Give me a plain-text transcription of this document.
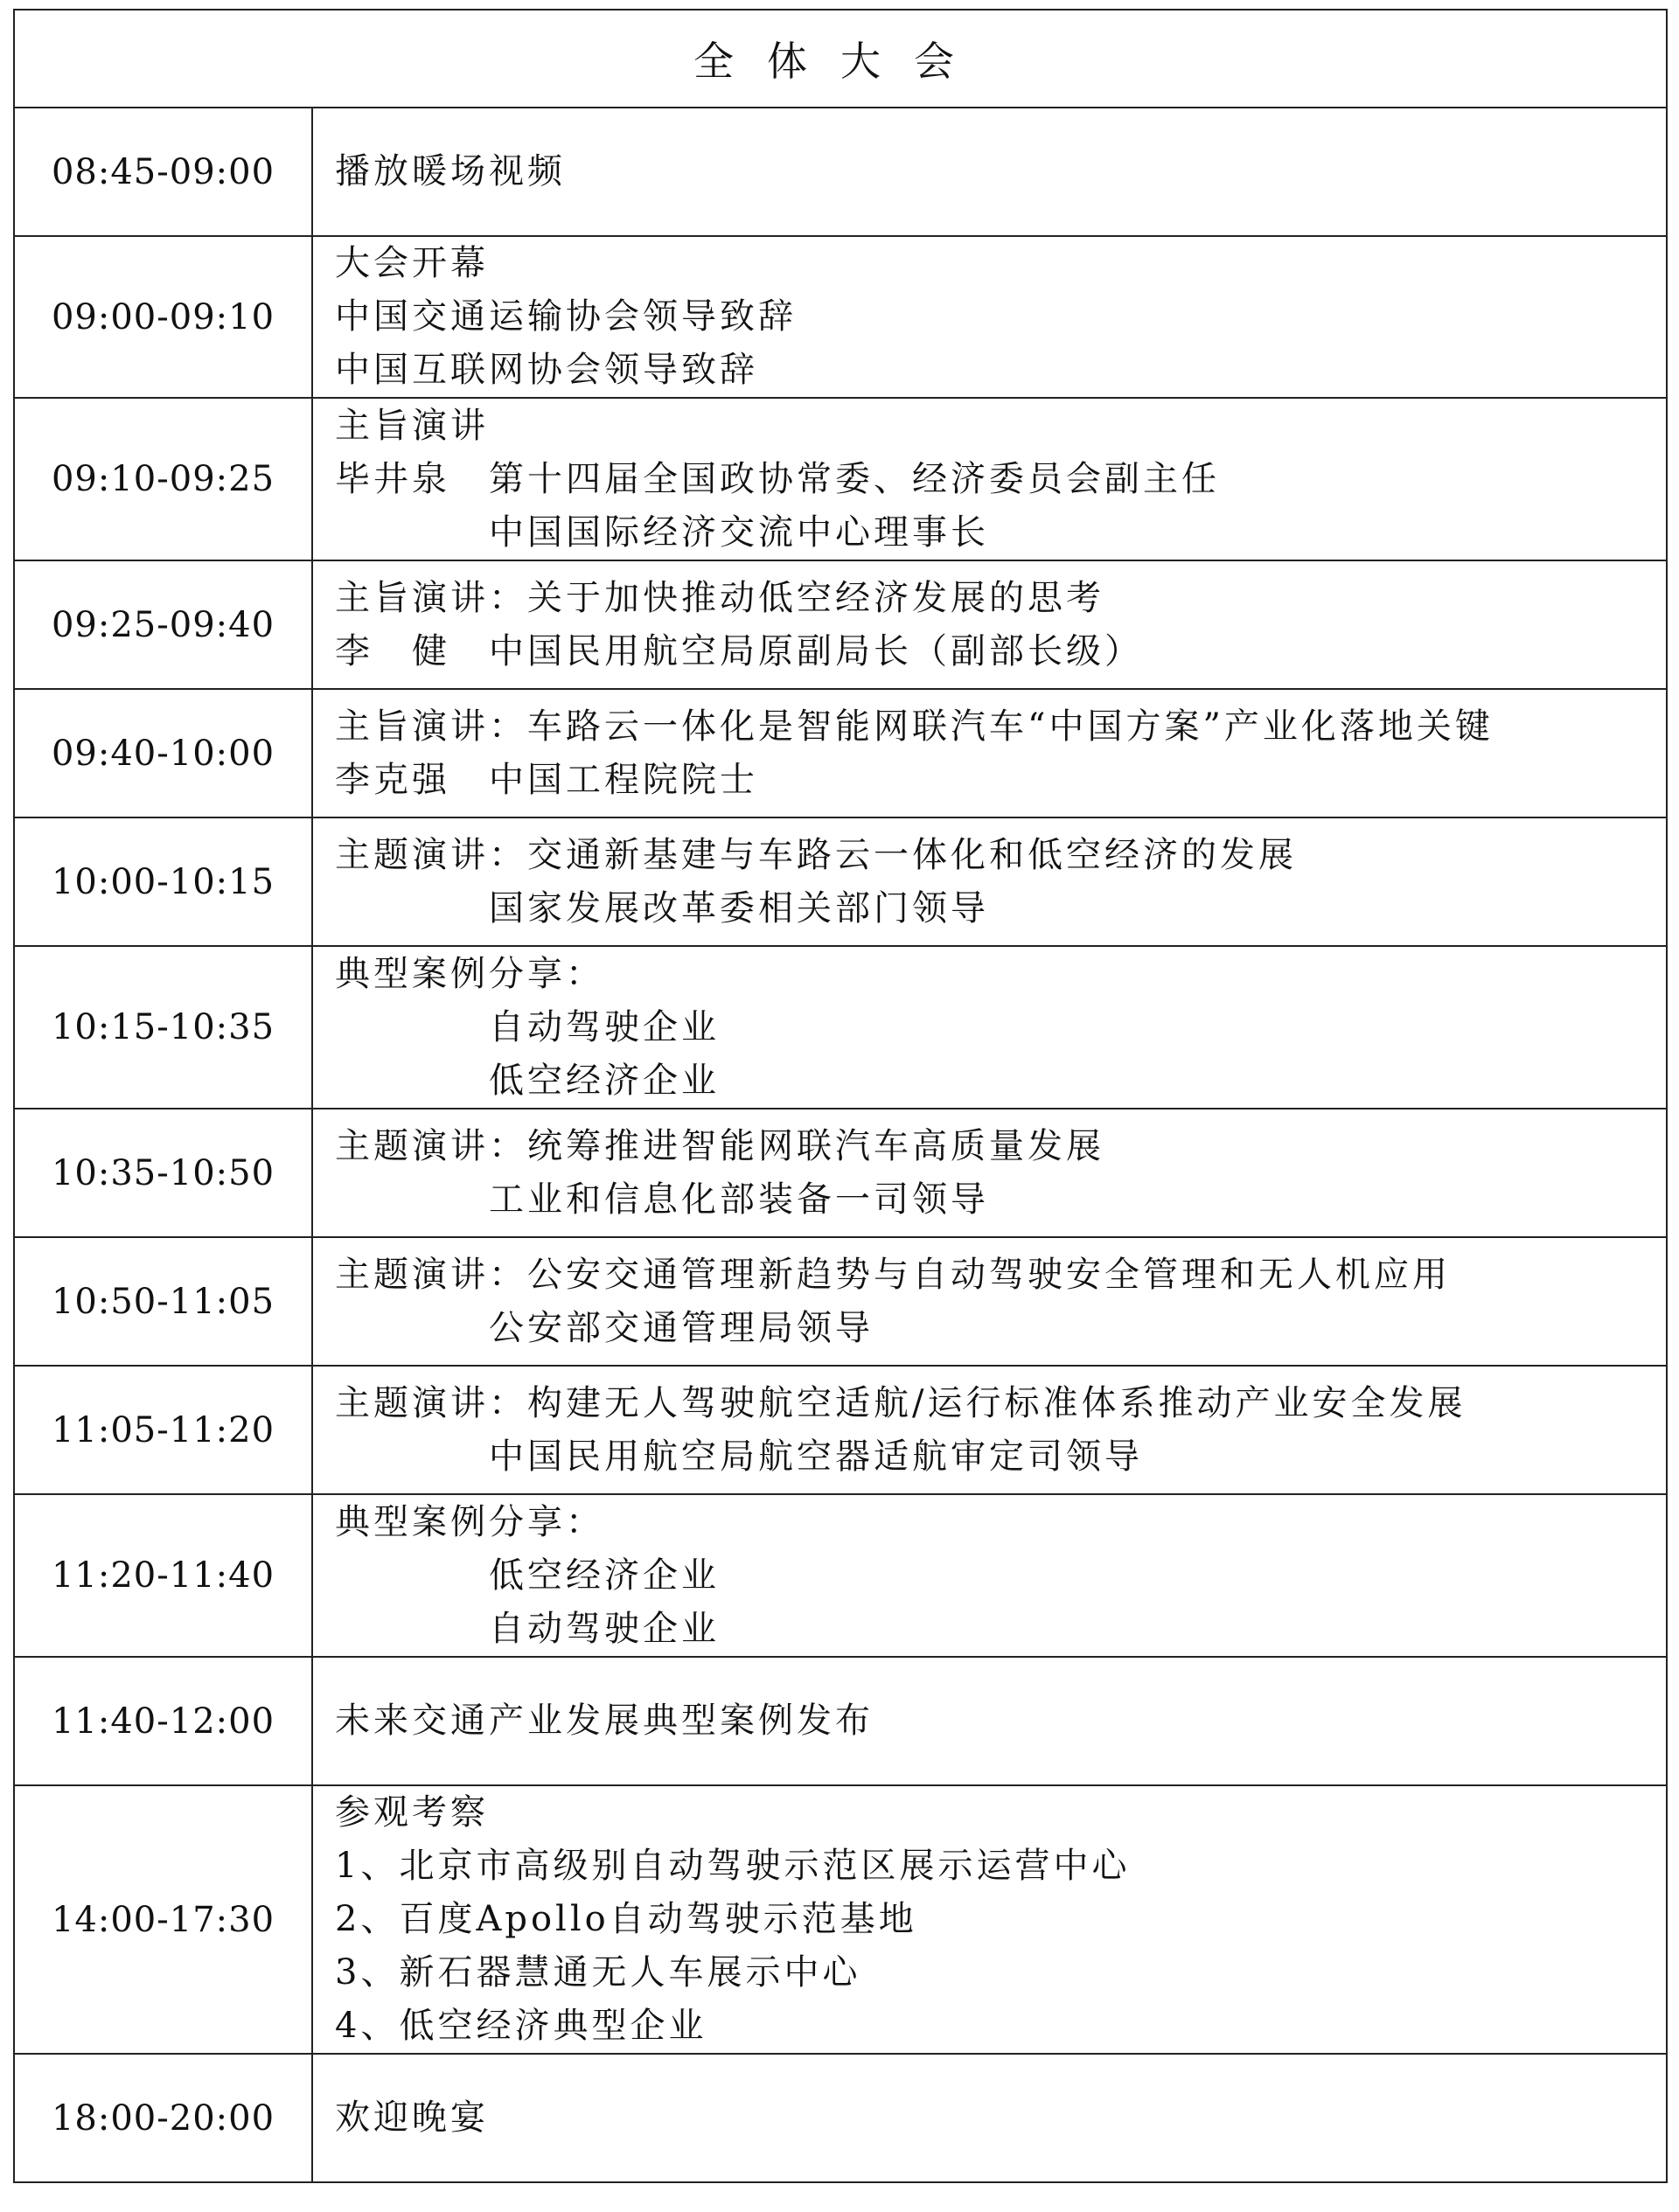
全体大会	
08:45-09:00	播放暖场视频

09:00-09:10	大会开幕
中国交通运输协会领导致辞
中国互联网协会领导致辞

09:10-09:25	主旨演讲
毕井泉　第十四届全国政协常委、经济委员会副主任
　　　　中国国际经济交流中心理事长

09:25-09:40	主旨演讲：关于加快推动低空经济发展的思考
李　健　中国民用航空局原副局长（副部长级）

09:40-10:00	主旨演讲：车路云一体化是智能网联汽车“中国方案”产业化落地关键
李克强　中国工程院院士

10:00-10:15	主题演讲：交通新基建与车路云一体化和低空经济的发展
　　　　国家发展改革委相关部门领导

10:15-10:35	典型案例分享：
　　　　自动驾驶企业
　　　　低空经济企业

10:35-10:50	主题演讲：统筹推进智能网联汽车高质量发展
　　　　工业和信息化部装备一司领导

10:50-11:05	主题演讲：公安交通管理新趋势与自动驾驶安全管理和无人机应用
　　　　公安部交通管理局领导

11:05-11:20	主题演讲：构建无人驾驶航空适航/运行标准体系推动产业安全发展
　　　　中国民用航空局航空器适航审定司领导

11:20-11:40	典型案例分享：
　　　　低空经济企业
　　　　自动驾驶企业

11:40-12:00	未来交通产业发展典型案例发布

14:00-17:30	参观考察
1、北京市高级别自动驾驶示范区展示运营中心
2、百度Apollo自动驾驶示范基地
3、新石器慧通无人车展示中心
4、低空经济典型企业

18:00-20:00	欢迎晚宴
